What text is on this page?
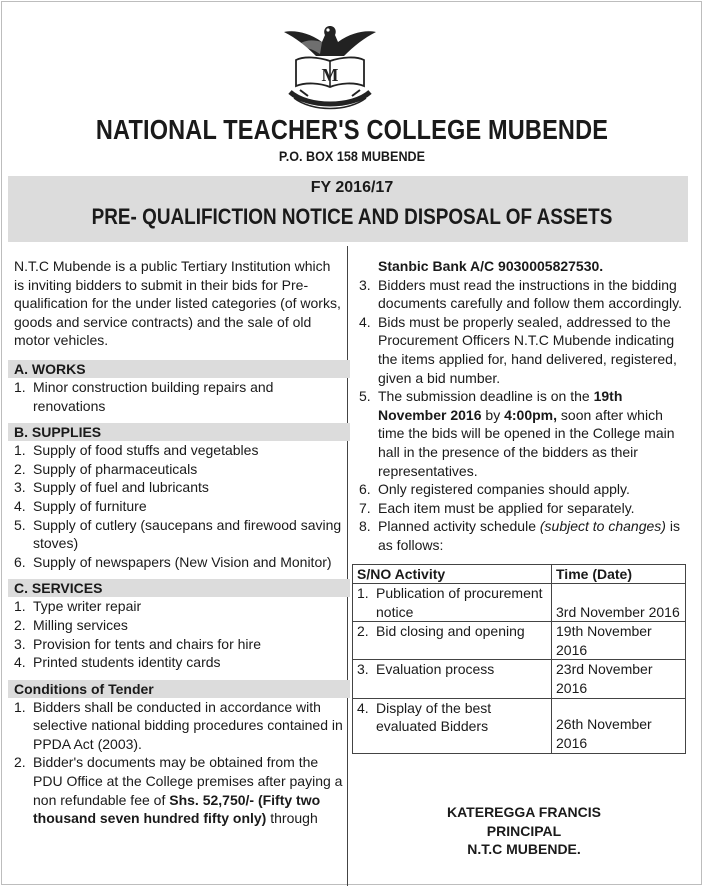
M
NATIONAL TEACHER'S COLLEGE MUBENDE
P.O. BOX 158 MUBENDE
FY 2016/17
PRE- QUALIFICTION NOTICE AND DISPOSAL OF ASSETS

N.T.C Mubende is a public Tertiary Institution which is inviting bidders to submit in their bids for Pre- qualification for the under listed categories (of works, goods and service contracts) and the sale of old motor vehicles.

A. WORKS
1. Minor construction building repairs and renovations
B. SUPPLIES
1. Supply of food stuffs and vegetables
2. Supply of pharmaceuticals
3. Supply of fuel and lubricants
4. Supply of furniture
5. Supply of cutlery (saucepans and firewood saving stoves)
6. Supply of newspapers (New Vision and Monitor)
C. SERVICES
1. Type writer repair
2. Milling services
3. Provision for tents and chairs for hire
4. Printed students identity cards
Conditions of Tender
1. Bidders shall be conducted in accordance with selective national bidding procedures contained in PPDA Act (2003).
2. Bidder's documents may be obtained from the PDU Office at the College premises after paying a non refundable fee of Shs. 52,750/- (Fifty two thousand seven hundred fifty only) through
Stanbic Bank A/C 9030005827530.
3. Bidders must read the instructions in the bidding documents carefully and follow them accordingly.
4. Bids must be properly sealed, addressed to the Procurement Officers N.T.C Mubende indicating the items applied for, hand delivered, registered, given a bid number.
5. The submission deadline is on the 19th November 2016 by 4:00pm, soon after which time the bids will be opened in the College main hall in the presence of the bidders as their representatives.
6. Only registered companies should apply.
7. Each item must be applied for separately.
8. Planned activity schedule (subject to changes) is as follows:
S/NO Activity	Time (Date)

1. Publication of procurement notice	3rd November 2016

2. Bid closing and opening	19th November 2016

3. Evaluation process	23rd November 2016

4. Display of the best evaluated Bidders	26th November 2016
KATEREGGA FRANCIS
PRINCIPAL
N.T.C MUBENDE.
